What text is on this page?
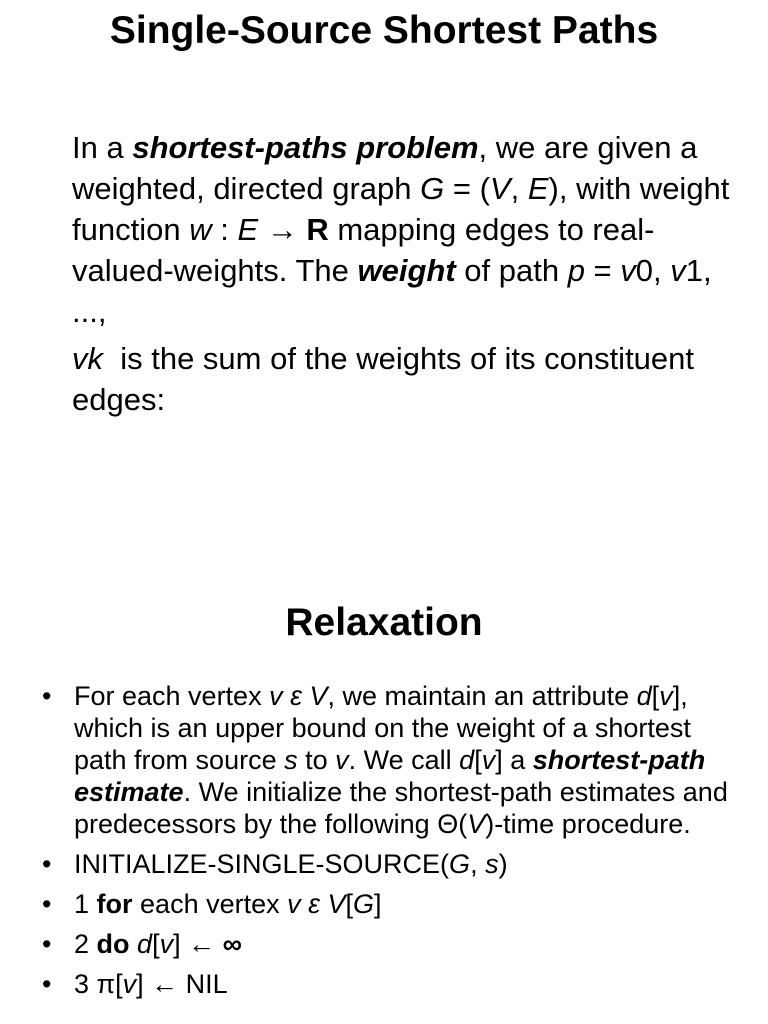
Single-Source Shortest Paths
In a shortest-paths problem, we are given a weighted, directed graph G = (V, E), with weight function w : E → R mapping edges to real-valued-weights. The weight of path p = v0, v1, ...,
vk  is the sum of the weights of its constituent edges:
Relaxation
• For each vertex v ε V, we maintain an attribute d[v], which is an upper bound on the weight of a shortest path from source s to v. We call d[v] a shortest-path estimate. We initialize the shortest-path estimates and predecessors by the following Θ(V)-time procedure.
• INITIALIZE-SINGLE-SOURCE(G, s)
• 1 for each vertex v ε V[G]
• 2 do d[v] ← ∞
• 3 π[v] ← NIL
